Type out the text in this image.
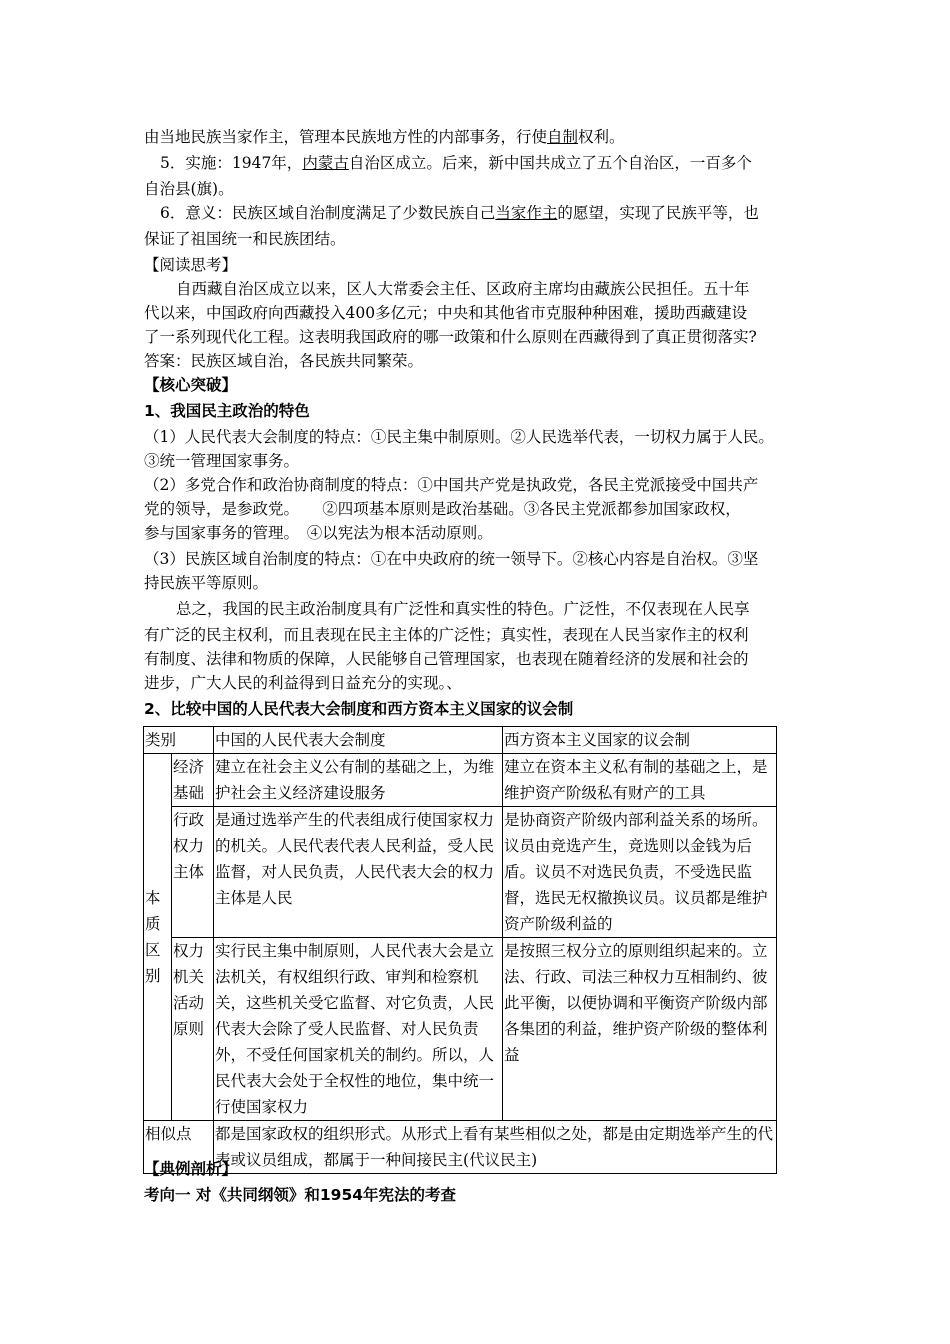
由当地民族当家作主，管理本民族地方性的内部事务，行使自制权利。
5．实施：1947年，内蒙古自治区成立。后来，新中国共成立了五个自治区，一百多个
自治县(旗)。
6．意义：民族区域自治制度满足了少数民族自己当家作主的愿望，实现了民族平等，也
保证了祖国统一和民族团结。
【阅读思考】
自西藏自治区成立以来，区人大常委会主任、区政府主席均由藏族公民担任。五十年
代以来，中国政府向西藏投入400多亿元；中央和其他省市克服种种困难，援助西藏建设
了一系列现代化工程。这表明我国政府的哪一政策和什么原则在西藏得到了真正贯彻落实?
答案：民族区域自治，各民族共同繁荣。
【核心突破】
1、我国民主政治的特色
（1）人民代表大会制度的特点：①民主集中制原则。②人民选举代表，一切权力属于人民。
③统一管理国家事务。
（2）多党合作和政治协商制度的特点：①中国共产党是执政党，各民主党派接受中国共产
党的领导，是参政党。　　②四项基本原则是政治基础。③各民主党派都参加国家政权，
参与国家事务的管理。　④以宪法为根本活动原则。
（3）民族区域自治制度的特点：①在中央政府的统一领导下。②核心内容是自治权。③坚
持民族平等原则。
总之，我国的民主政治制度具有广泛性和真实性的特色。广泛性，不仅表现在人民享
有广泛的民主权利，而且表现在民主主体的广泛性；真实性，表现在人民当家作主的权利
有制度、法律和物质的保障，人民能够自己管理国家，也表现在随着经济的发展和社会的
进步，广大人民的利益得到日益充分的实现。、
2、比较中国的人民代表大会制度和西方资本主义国家的议会制
类别		中国的人民代表大会制度	西方资本主义国家的议会制
本质区别	经济基础	建立在社会主义公有制的基础之上，为维护社会主义经济建设服务	建立在资本主义私有制的基础之上，是维护资产阶级私有财产的工具
	行政权力主体	是通过选举产生的代表组成行使国家权力的机关。人民代表代表人民利益，受人民监督，对人民负责，人民代表大会的权力主体是人民	是协商资产阶级内部利益关系的场所。议员由竞选产生，竞选则以金钱为后盾。议员不对选民负责，不受选民监督，选民无权撤换议员。议员都是维护资产阶级利益的
	权力机关活动原则	实行民主集中制原则，人民代表大会是立法机关，有权组织行政、审判和检察机关，这些机关受它监督、对它负责，人民代表大会除了受人民监督、对人民负责外，不受任何国家机关的制约。所以，人民代表大会处于全权性的地位，集中统一行使国家权力	是按照三权分立的原则组织起来的。立法、行政、司法三种权力互相制约、彼此平衡，以便协调和平衡资产阶级内部各集团的利益，维护资产阶级的整体利益
相似点		都是国家政权的组织形式。从形式上看有某些相似之处，都是由定期选举产生的代表或议员组成，都属于一种间接民主(代议民主)	
【典例剖析】
考向一 对《共同纲领》和1954年宪法的考查
